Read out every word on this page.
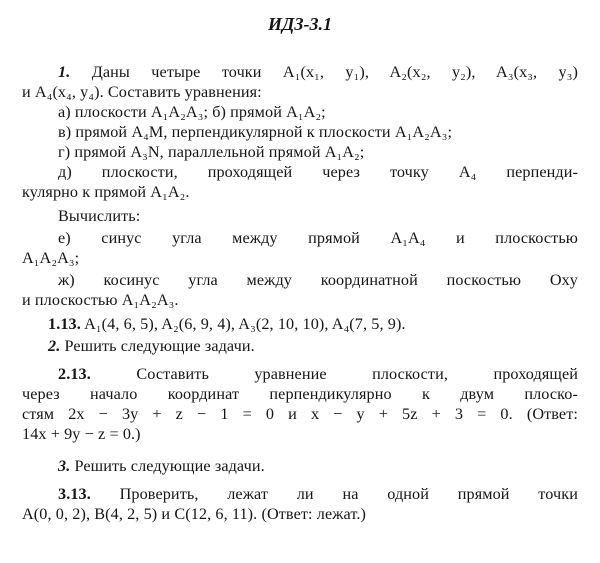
ИДЗ-3.1

1. Даны четыре точки A₁(x₁, y₁), A₂(x₂, y₂), A₃(x₃, y₃)

и A₄(x₄, y₄). Составить уравнения:

а) плоскости A₁A₂A₃; б) прямой A₁A₂;

в) прямой A₄M, перпендикулярной к плоскости A₁A₂A₃;

г) прямой A₃N, параллельной прямой A₁A₂;

д) плоскости, проходящей через точку A₄ перпенди-

кулярно к прямой A₁A₂.

Вычислить:

е) синус угла между прямой A₁A₄ и плоскостью

A₁A₂A₃;

ж) косинус угла между координатной поскостью Oxy

и плоскостью A₁A₂A₃.

1.13. A₁(4, 6, 5), A₂(6, 9, 4), A₃(2, 10, 10), A₄(7, 5, 9).

2. Решить следующие задачи.

2.13.	Составить уравнение плоскости, проходящей

через начало координат перпендикулярно к двум плоско-

стям 2x − 3y + z − 1 = 0 и x − y + 5z + 3 = 0. (Ответ:

14x + 9y − z = 0.)

3. Решить следующие задачи.

3.13. Проверить, лежат ли на одной прямой точки

A(0, 0, 2), B(4, 2, 5) и C(12, 6, 11). (Ответ: лежат.)
